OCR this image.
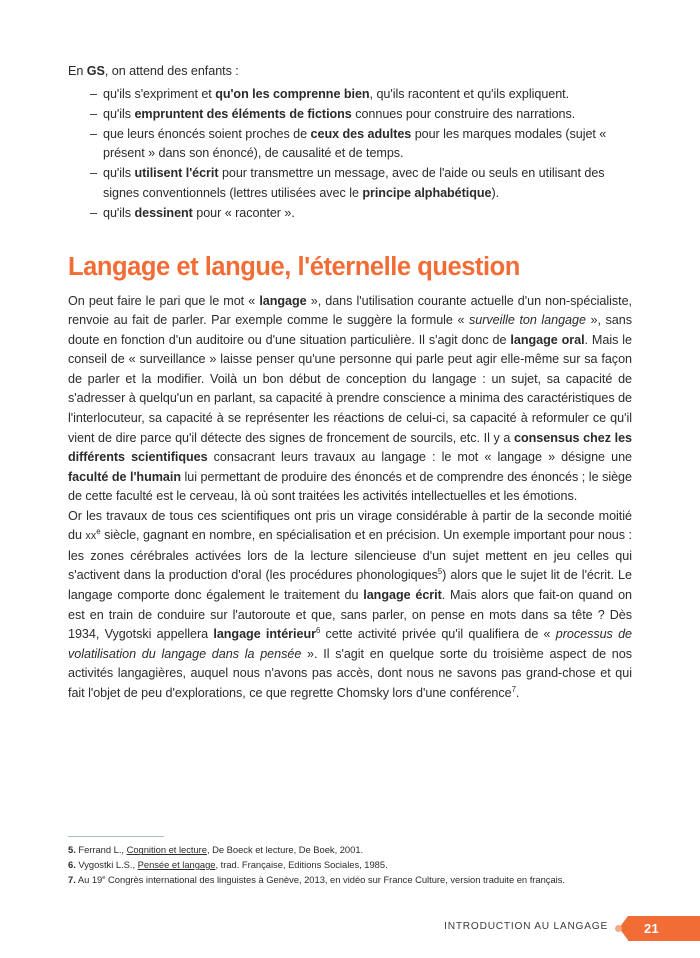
En GS, on attend des enfants :

– qu'ils s'expriment et qu'on les comprenne bien, qu'ils racontent et qu'ils expliquent.
– qu'ils empruntent des éléments de fictions connues pour construire des narrations.
– que leurs énoncés soient proches de ceux des adultes pour les marques modales (sujet « présent » dans son énoncé), de causalité et de temps.
– qu'ils utilisent l'écrit pour transmettre un message, avec de l'aide ou seuls en utilisant des signes conventionnels (lettres utilisées avec le principe alphabétique).
– qu'ils dessinent pour « raconter ».
Langage et langue, l'éternelle question

On peut faire le pari que le mot « langage », dans l'utilisation courante actuelle d'un non-spécialiste, renvoie au fait de parler. Par exemple comme le suggère la formule « surveille ton langage », sans doute en fonction d'un auditoire ou d'une situation particulière. Il s'agit donc de langage oral. Mais le conseil de « surveillance » laisse penser qu'une personne qui parle peut agir elle-même sur sa façon de parler et la modifier. Voilà un bon début de conception du langage : un sujet, sa capacité de s'adresser à quelqu'un en parlant, sa capacité à prendre conscience a minima des caractéristiques de l'interlocuteur, sa capacité à se représenter les réactions de celui-ci, sa capacité à reformuler ce qu'il vient de dire parce qu'il détecte des signes de froncement de sourcils, etc. Il y a consensus chez les différents scientifiques consacrant leurs travaux au langage : le mot « langage » désigne une faculté de l'humain lui permettant de produire des énoncés et de comprendre des énoncés ; le siège de cette faculté est le cerveau, là où sont traitées les activités intellectuelles et les émotions.

Or les travaux de tous ces scientifiques ont pris un virage considérable à partir de la seconde moitié du $xx^e$ siècle, gagnant en nombre, en spécialisation et en précision. Un exemple important pour nous : les zones cérébrales activées lors de la lecture silencieuse d'un sujet mettent en jeu celles qui s'activent dans la production d'oral (les procédures phonologiques$^5$) alors que le sujet lit de l'écrit. Le langage comporte donc également le traitement du langage écrit. Mais alors que fait-on quand on est en train de conduire sur l'autoroute et que, sans parler, on pense en mots dans sa tête ? Dès 1934, Vygotski appellera langage intérieur$^6$ cette activité privée qu'il qualifiera de « processus de volatilisation du langage dans la pensée ». Il s'agit en quelque sorte du troisième aspect de nos activités langagières, auquel nous n'avons pas accès, dont nous ne savons pas grand-chose et qui fait l'objet de peu d'explorations, ce que regrette Chomsky lors d'une conférence$^7$.

5. Ferrand L., Cognition et lecture, De Boeck et lecture, De Boek, 2001.

6. Vygostki L.S., Pensée et langage, trad. Française, Editions Sociales, 1985.

7. Au 19e Congrès international des linguistes à Genève, 2013, en vidéo sur France Culture, version traduite en français.

INTRODUCTION AU LANGAGE	21
